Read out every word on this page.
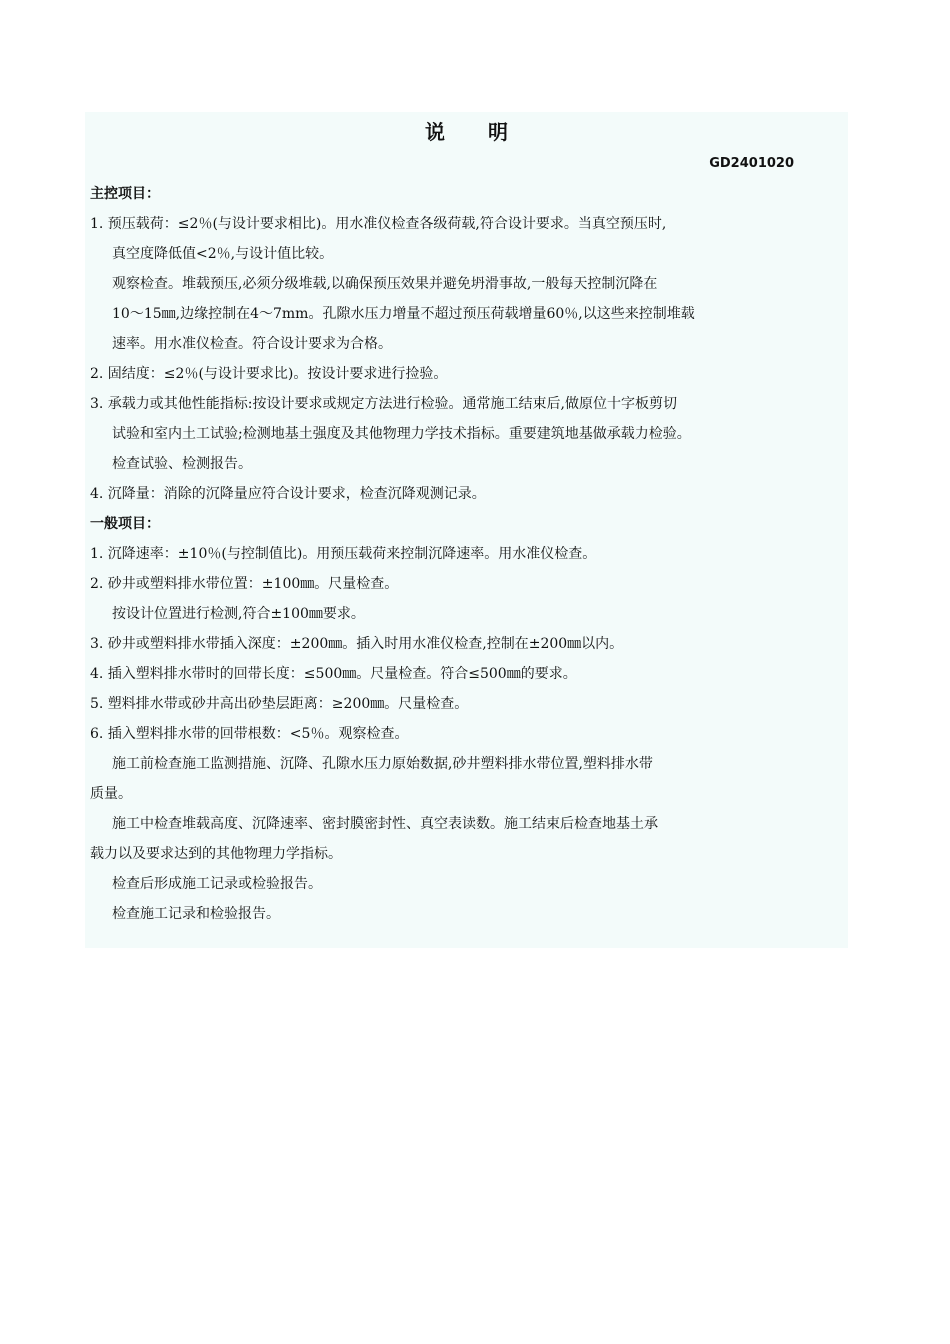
说 明
GD2401020
主控项目：
1. 预压载荷：≤2％(与设计要求相比)。用水准仪检查各级荷载,符合设计要求。当真空预压时,
真空度降低值<2％,与设计值比较。
观察检查。堆载预压,必须分级堆载,以确保预压效果并避免坍滑事故,一般每天控制沉降在
10～15㎜,边缘控制在4～7mm。孔隙水压力增量不超过预压荷载增量60％,以这些来控制堆载
速率。用水准仪检查。符合设计要求为合格。
2. 固结度：≤2％(与设计要求比)。按设计要求进行捡验。
3. 承载力或其他性能指标:按设计要求或规定方法进行检验。通常施工结束后,做原位十字板剪切
试验和室内土工试验;检测地基土强度及其他物理力学技术指标。重要建筑地基做承载力检验。
检查试验、检测报告。
4. 沉降量：消除的沉降量应符合设计要求，检查沉降观测记录。
一般项目：
1. 沉降速率：±10％(与控制值比)。用预压载荷来控制沉降速率。用水准仪检查。
2. 砂井或塑料排水带位置：±100㎜。尺量检查。
按设计位置进行检测,符合±100㎜要求。
3. 砂井或塑料排水带插入深度：±200㎜。插入时用水准仪检查,控制在±200㎜以内。
4. 插入塑料排水带时的回带长度：≤500㎜。尺量检查。符合≤500㎜的要求。
5. 塑料排水带或砂井高出砂垫层距离：≥200㎜。尺量检查。
6. 插入塑料排水带的回带根数：<5％。观察检查。
施工前检查施工监测措施、沉降、孔隙水压力原始数据,砂井塑料排水带位置,塑料排水带
质量。
施工中检查堆载高度、沉降速率、密封膜密封性、真空表读数。施工结束后检查地基土承
载力以及要求达到的其他物理力学指标。
检查后形成施工记录或检验报告。
检查施工记录和检验报告。
